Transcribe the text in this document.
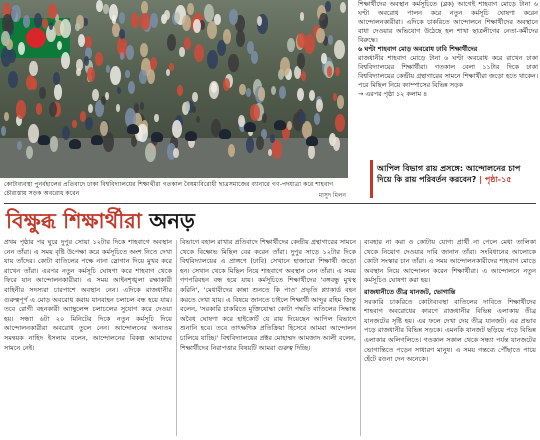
কোটাব্যবস্থা পুনর্বহালের প্রতিবাদে ঢাকা বিশ্ববিদ্যালয়ের শিক্ষার্থীরা গতকাল বৈষম্যবিরোধী ছাত্রসমাজের ব্যানারে গণ-পদযাত্রা করে শাহবাগ চৌরাস্তায় সড়ক অবরোধ করেন	মাসুদ মিলন

শিক্ষার্থীদের অবস্থান কর্মসূচিতে (ব্লক) আগেই শাহবাগ মোড়ে টানা ৬ ঘণ্টা অবরোধ পালন করে নতুন কর্মসূচি ঘোষণা করেন আন্দোলনকারীরা। এদিকে চাকরিতে আন্দোলনে শিক্ষার্থীদের অবস্থানে বাধা দেওয়ার অভিযোগ উঠেছে হল শাখা ছাত্রলীগের নেতা-কর্মীদের বিরুদ্ধে।

৬ ঘণ্টা শাহবাগ মোড় অবরোধ ঢাবি শিক্ষার্থীদের

রাজধানীর শাহবাগ মোড়ে টানা ৬ ঘণ্টা অবরোধ করে রাখেন ঢাকা বিশ্ববিদ্যালয়ের শিক্ষার্থীরা। গতকাল বেলা ১১টার দিকে ঢাকা বিশ্ববিদ্যালয়ের কেন্দ্রীয় গ্রন্থাগারের সামনে শিক্ষার্থীরা জড়ো হতে থাকেন। পরে মিছিল নিয়ে ক্যাম্পাসের বিভিন্ন সড়ক

→ এরপর পৃষ্ঠা ১২ কলাম ৪

আপিল বিভাগ রায় প্রসঙ্গে: আন্দোলনের চাপ দিয়ে কি রায় পরিবর্তন করবেন? | পৃষ্ঠা-১৫
বিক্ষুব্ধ শিক্ষার্থীরা অনড়

প্রথম পৃষ্ঠার পর ঘুরে দুপুর সোয়া ১২টার দিকে শাহবাগে অবস্থান নেন তাঁরা। এ সময় বৃষ্টি উপেক্ষা করে কর্মসূচিতে অংশ নিতে দেখা যায় তাঁদের। কোটা বাতিলের পক্ষে নানা স্লোগান দিয়ে মুখর করে রাখেন তাঁরা। এরপর নতুন কর্মসূচি ঘোষণা করে শাহবাগ থেকে ফিরে যান আন্দোলনকারীরা। এ সময় আইনশৃঙ্খলা রক্ষাকারী বাহিনীর সদস্যরা চারপাশে অবস্থান নেন। এদিকে রাজধানীর গুরুত্বপূর্ণ এ মোড় অবরোধ করায় যানবাহন চলাচল বন্ধ হয়ে যায়। তবে রোগী বহনকারী অ্যাম্বুলেন্স চলাচলের সুযোগ করে দেওয়া হয়। সন্ধ্যা ৬টা ২০ মিনিটের দিকে নতুন কর্মসূচি দিয়ে আন্দোলনকারীরা অবরোধ তুলে নেন। আন্দোলনের অন্যতম সমন্বয়ক নাহিদ ইসলাম বলেন, আন্দোলনের বিকল্প আমাদের সামনে নেই।

বিভাগে বহাল রাখার প্রতিবাদে শিক্ষার্থীদের কেন্দ্রীয় গ্রন্থাগারের সামনে থেকে বিক্ষোভ মিছিল বের করেন তাঁরা। দুপুর সাড়ে ১২টার দিকে বিশ্ববিদ্যালয়ের এ প্রাঙ্গণে (ঢাবি) সেখানে হাজারো শিক্ষার্থী জড়ো হন। সেখান থেকে মিছিল নিয়ে শাহবাগে অবস্থান নেন তাঁরা। এ সময় গণপরিবহন বন্ধ হয়ে যায়। কর্মসূচিতে শিক্ষার্থীদের 'বঙ্গবন্ধু মুখস্থ করিনি', 'মেধাবীদের কান্না শুনতে কি পাও' প্রভৃতি প্ল্যাকার্ড বহন করতে দেখা যায়। এ বিষয়ে জানতে চাইলে শিক্ষার্থী আব্দুর রহিম জিতু বলেন, 'সরকারি চাকরিতে মুক্তিযোদ্ধা কোটা পদ্ধতি বাতিলের সিদ্ধান্ত অবৈধ ঘোষণা করে হাইকোর্ট যে রায় দিয়েছেন আপিল বিভাগে শুনানি হবে। তবে তাৎক্ষণিক প্রতিক্রিয়া হিসেবে আমরা আন্দোলন চালিয়ে যাচ্ছি।' বিশ্ববিদ্যালয়ের প্রক্টর মোহাম্মদ আমজাদ আলী বলেন, শিক্ষার্থীদের নিরাপত্তার বিষয়টি আমরা গুরুত্ব দিচ্ছি।

ব্যবহার না করা ও কোটায় যোগ্য প্রার্থী না পেলে মেধা তালিকা থেকে নিয়োগ দেওয়ার দাবি জানান তাঁরা। সংবিধানের আলোকে কোটা সংস্কার চান তাঁরা। এ সময় আন্দোলনকারীদের শাহবাগ মোড়ে অবস্থান নিয়ে আন্দোলন করেন শিক্ষার্থীরা। এ আন্দোলনে নতুন কর্মসূচিও ঘোষণা করা হয়।

রাজধানীতে তীব্র যানজট, ভোগান্তি

সরকারি চাকরিতে কোটাব্যবস্থা বাতিলের দাবিতে শিক্ষার্থীদের শাহবাগ অবরোধের কারণে রাজধানীর বিভিন্ন এলাকায় তীব্র যানজটের সৃষ্টি হয়। এর ফলে দেখা দেয় তীব্র যানজট। এর প্রভাব পড়ে রাজধানীর বিভিন্ন সড়কে। এমনকি যানজট ছড়িয়ে পড়ে বিভিন্ন এলাকার অলিগলিতে। গতকাল সকাল থেকে সন্ধ্যা পর্যন্ত যানজটের ভোগান্তিতে পড়েন সাধারণ মানুষ। এ সময় গন্তব্যে পৌঁছাতে পায়ে হেঁটে রওনা দেন অনেকে।
